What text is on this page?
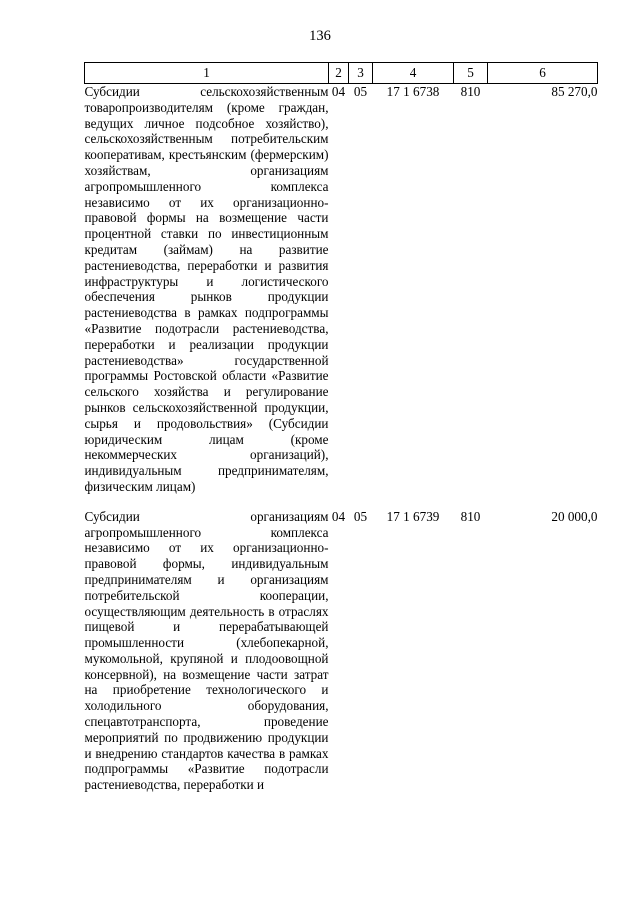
136
1	2	3	4	5	6
Субсидии сельскохозяйственным товаропроизводителям (кроме граждан, ведущих личное подсобное хозяйство), сельскохозяйственным потребительским кооперативам, крестьянским (фермерским) хозяйствам, организациям агропромышленного комплекса независимо от их организационно-правовой формы на возмещение части процентной ставки по инвестиционным кредитам (займам) на развитие растениеводства, переработки и развития инфраструктуры и логистического обеспечения рынков продукции растениеводства в рамках подпрограммы «Развитие подотрасли растениеводства, переработки и реализации продукции растениеводства» государственной программы Ростовской области «Развитие сельского хозяйства и регулирование рынков сельскохозяйственной продукции, сырья и продовольствия» (Субсидии юридическим лицам (кроме некоммерческих организаций), индивидуальным предпринимателям, физическим лицам)	04	05	17 1 6738	810	85 270,0
Субсидии организациям агропромышленного комплекса независимо от их организационно-правовой формы, индивидуальным предпринимателям и организациям потребительской кооперации, осуществляющим деятельность в отраслях пищевой и перерабатывающей промышленности (хлебопекарной, мукомольной, крупяной и плодоовощной консервной), на возмещение части затрат на приобретение технологического и холодильного оборудования, спецавтотранспорта, проведение мероприятий по продвижению продукции и внедрению стандартов качества в рамках подпрограммы «Развитие подотрасли растениеводства, переработки и	04	05	17 1 6739	810	20 000,0
